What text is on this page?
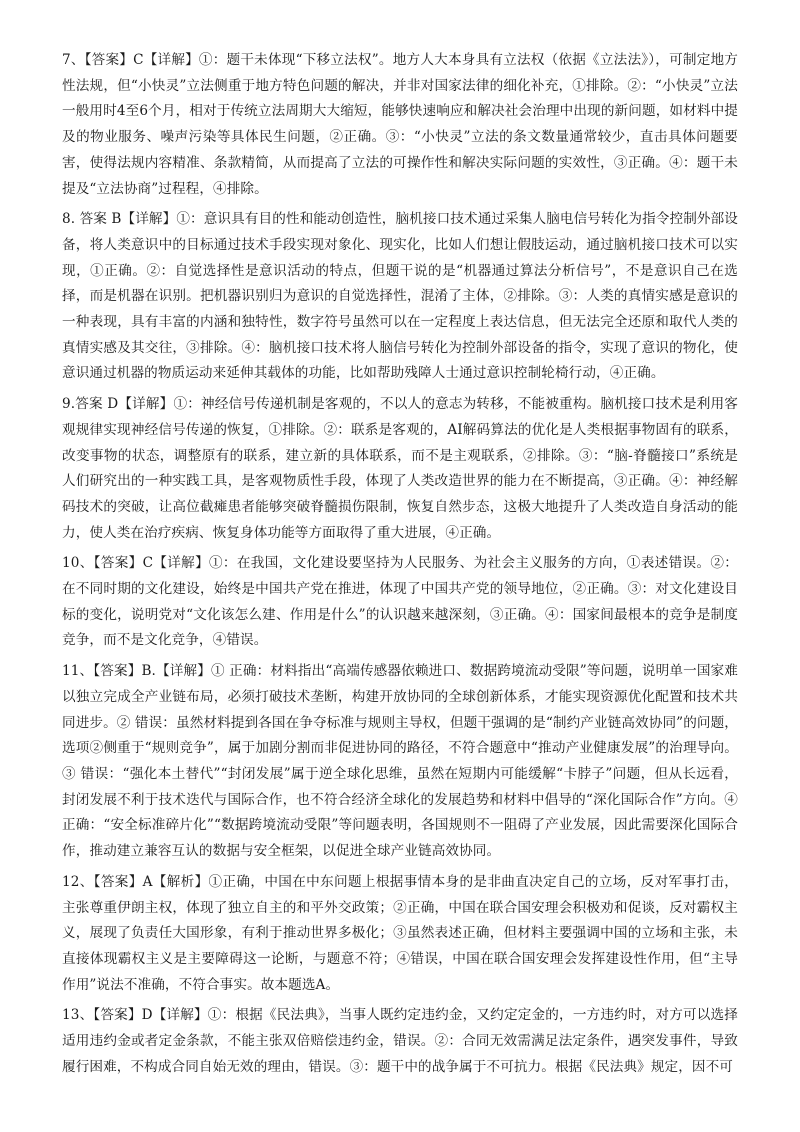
7、【答案】C【详解】①：题干未体现“下移立法权”。地方人大本身具有立法权（依据《立法法》），可制定地方性法规，但“小快灵”立法侧重于地方特色问题的解决，并非对国家法律的细化补充，①排除。②：“小快灵”立法一般用时4至6个月，相对于传统立法周期大大缩短，能够快速响应和解决社会治理中出现的新问题，如材料中提及的物业服务、噪声污染等具体民生问题，②正确。③：“小快灵”立法的条文数量通常较少，直击具体问题要害，使得法规内容精准、条款精简，从而提高了立法的可操作性和解决实际问题的实效性，③正确。④：题干未提及“立法协商”过程程，④排除。

8. 答案 B【详解】①：意识具有目的性和能动创造性，脑机接口技术通过采集人脑电信号转化为指令控制外部设备，将人类意识中的目标通过技术手段实现对象化、现实化，比如人们想让假肢运动，通过脑机接口技术可以实现，①正确。②：自觉选择性是意识活动的特点，但题干说的是“机器通过算法分析信号”，不是意识自己在选择，而是机器在识别。把机器识别归为意识的自觉选择性，混淆了主体，②排除。③：人类的真情实感是意识的一种表现，具有丰富的内涵和独特性，数字符号虽然可以在一定程度上表达信息，但无法完全还原和取代人类的真情实感及其交往，③排除。④：脑机接口技术将人脑信号转化为控制外部设备的指令，实现了意识的物化，使意识通过机器的物质运动来延伸其载体的功能，比如帮助残障人士通过意识控制轮椅行动，④正确。

9.答案 D【详解】①：神经信号传递机制是客观的，不以人的意志为转移，不能被重构。脑机接口技术是利用客观规律实现神经信号传递的恢复，①排除。②：联系是客观的，AI解码算法的优化是人类根据事物固有的联系，改变事物的状态，调整原有的联系，建立新的具体联系，而不是主观联系，②排除。③：“脑-脊髓接口”系统是人们研究出的一种实践工具，是客观物质性手段，体现了人类改造世界的能力在不断提高，③正确。④：神经解码技术的突破，让高位截瘫患者能够突破脊髓损伤限制，恢复自然步态，这极大地提升了人类改造自身活动的能力，使人类在治疗疾病、恢复身体功能等方面取得了重大进展，④正确。

10、【答案】C【详解】①：在我国，文化建设要坚持为人民服务、为社会主义服务的方向，①表述错误。②：在不同时期的文化建设，始终是中国共产党在推进，体现了中国共产党的领导地位，②正确。③：对文化建设目标的变化，说明党对“文化该怎么建、作用是什么”的认识越来越深刻，③正确。④：国家间最根本的竞争是制度竞争，而不是文化竞争，④错误。

11、【答案】B.【详解】① 正确：材料指出“高端传感器依赖进口、数据跨境流动受限”等问题，说明单一国家难以独立完成全产业链布局，必须打破技术垄断，构建开放协同的全球创新体系，才能实现资源优化配置和技术共同进步。② 错误：虽然材料提到各国在争夺标准与规则主导权，但题干强调的是“制约产业链高效协同”的问题，选项②侧重于“规则竞争”，属于加剧分割而非促进协同的路径，不符合题意中“推动产业健康发展”的治理导向。③ 错误：“强化本土替代”“封闭发展”属于逆全球化思维，虽然在短期内可能缓解“卡脖子”问题，但从长远看，封闭发展不利于技术迭代与国际合作，也不符合经济全球化的发展趋势和材料中倡导的“深化国际合作”方向。④ 正确：“安全标准碎片化”“数据跨境流动受限”等问题表明，各国规则不一阻碍了产业发展，因此需要深化国际合作，推动建立兼容互认的数据与安全框架，以促进全球产业链高效协同。

12、【答案】A【解析】①正确，中国在中东问题上根据事情本身的是非曲直决定自己的立场，反对军事打击，主张尊重伊朗主权，体现了独立自主的和平外交政策；②正确，中国在联合国安理会积极劝和促谈，反对霸权主义，展现了负责任大国形象，有利于推动世界多极化；③虽然表述正确，但材料主要强调中国的立场和主张，未直接体现霸权主义是主要障碍这一论断，与题意不符；④错误，中国在联合国安理会发挥建设性作用，但“主导作用”说法不准确，不符合事实。故本题选A。

13、【答案】D【详解】①：根据《民法典》，当事人既约定违约金，又约定定金的，一方违约时，对方可以选择适用违约金或者定金条款，不能主张双倍赔偿违约金，错误。②：合同无效需满足法定条件，遇突发事件，导致履行困难，不构成合同自始无效的理由，错误。③：题干中的战争属于不可抗力。根据《民法典》规定，因不可
